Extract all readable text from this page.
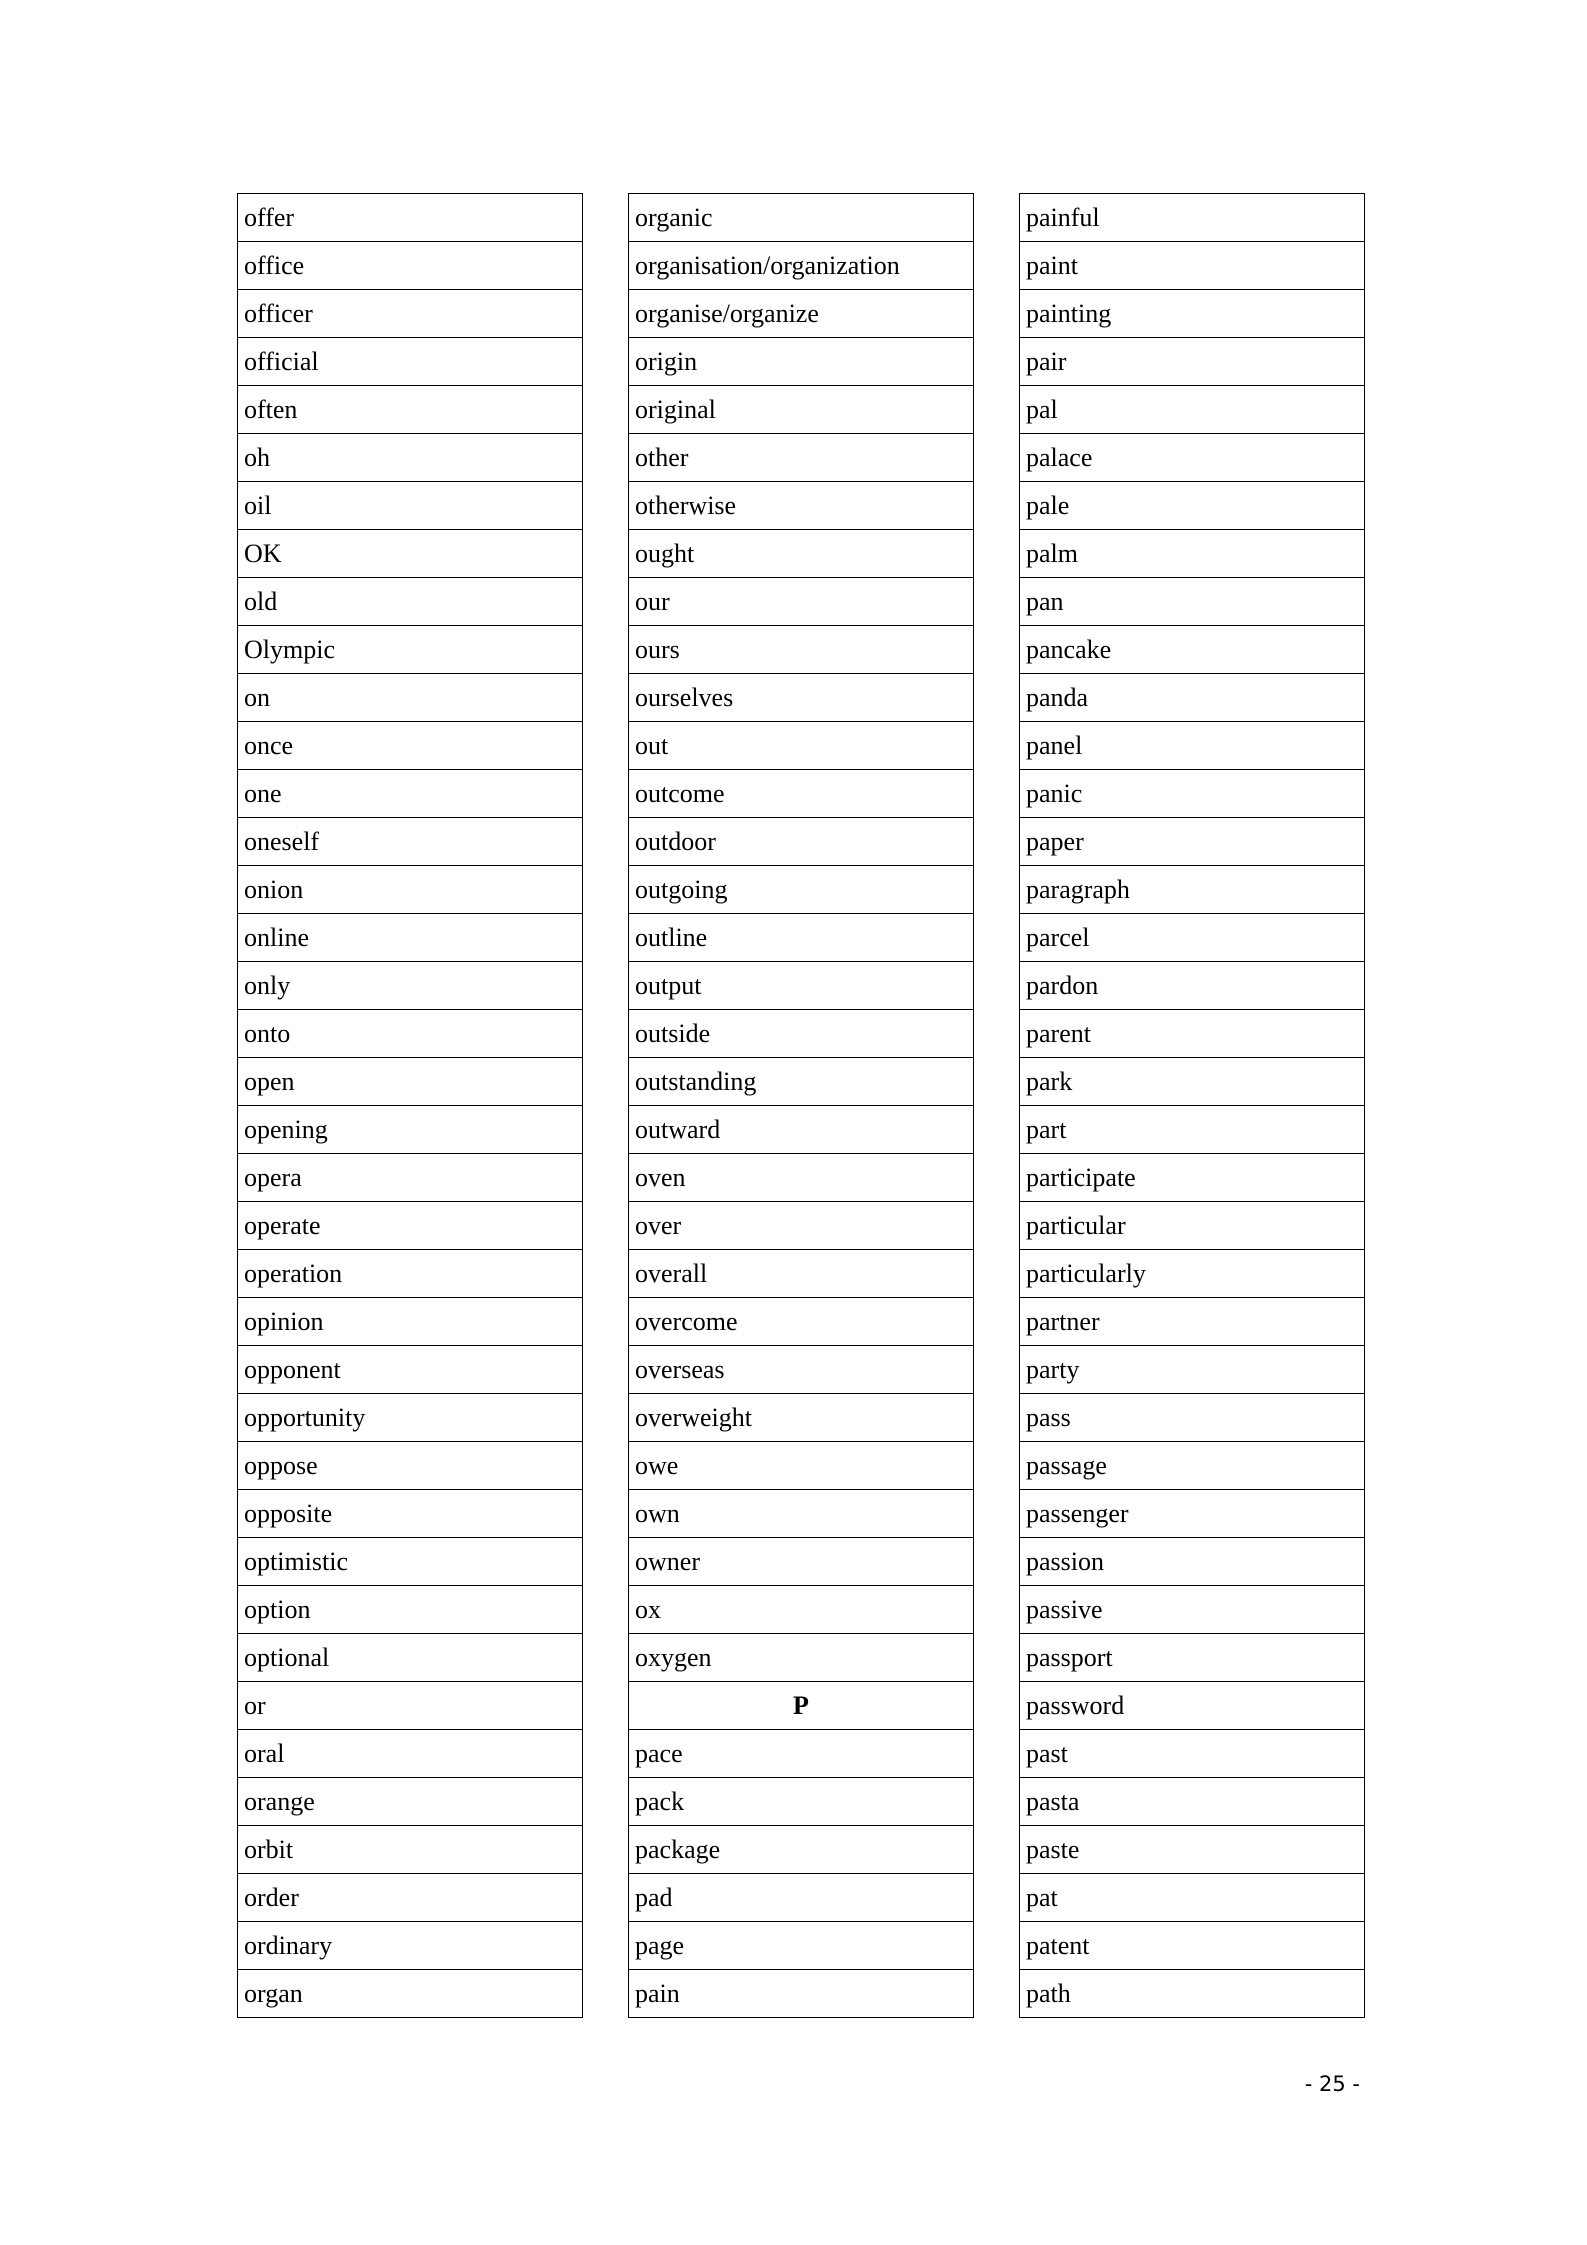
offer
office
officer
official
often
oh
oil
OK
old
Olympic
on
once
one
oneself
onion
online
only
onto
open
opening
opera
operate
operation
opinion
opponent
opportunity
oppose
opposite
optimistic
option
optional
or
oral
orange
orbit
order
ordinary
organ
organic
organisation/organization
organise/organize
origin
original
other
otherwise
ought
our
ours
ourselves
out
outcome
outdoor
outgoing
outline
output
outside
outstanding
outward
oven
over
overall
overcome
overseas
overweight
owe
own
owner
ox
oxygen
P
pace
pack
package
pad
page
pain
painful
paint
painting
pair
pal
palace
pale
palm
pan
pancake
panda
panel
panic
paper
paragraph
parcel
pardon
parent
park
part
participate
particular
particularly
partner
party
pass
passage
passenger
passion
passive
passport
password
past
pasta
paste
pat
patent
path
- 25 -
